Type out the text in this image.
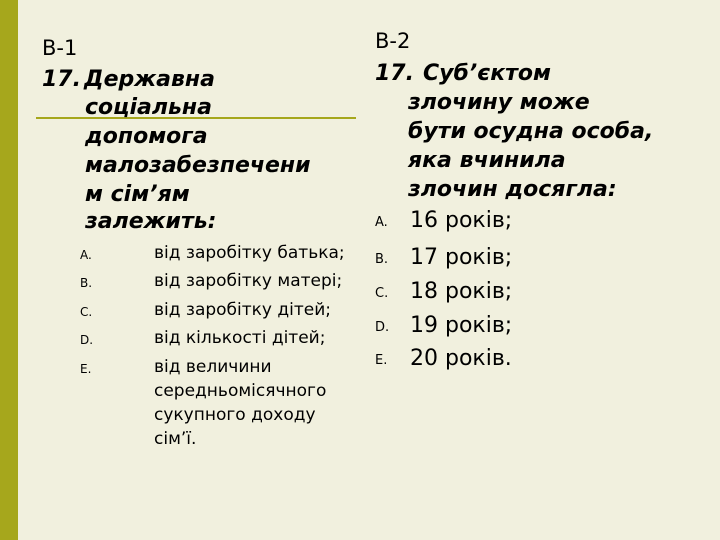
B-1
17. Державна
соціальна
допомога
малозабезпечени
м сім’ям
залежить:
A.	від заробітку батька;
B.	від заробітку матері;
C.	від заробітку дітей;
D.	від кількості дітей;
E.	від величини
середньомісячного
сукупного доходу
сім’ї.
B-2
17. Суб’єктом
злочину може
бути осудна особа,
яка вчинила
злочин досягла:
A. 16 років;
B. 17 років;
C. 18 років;
D. 19 років;
E. 20 років.
